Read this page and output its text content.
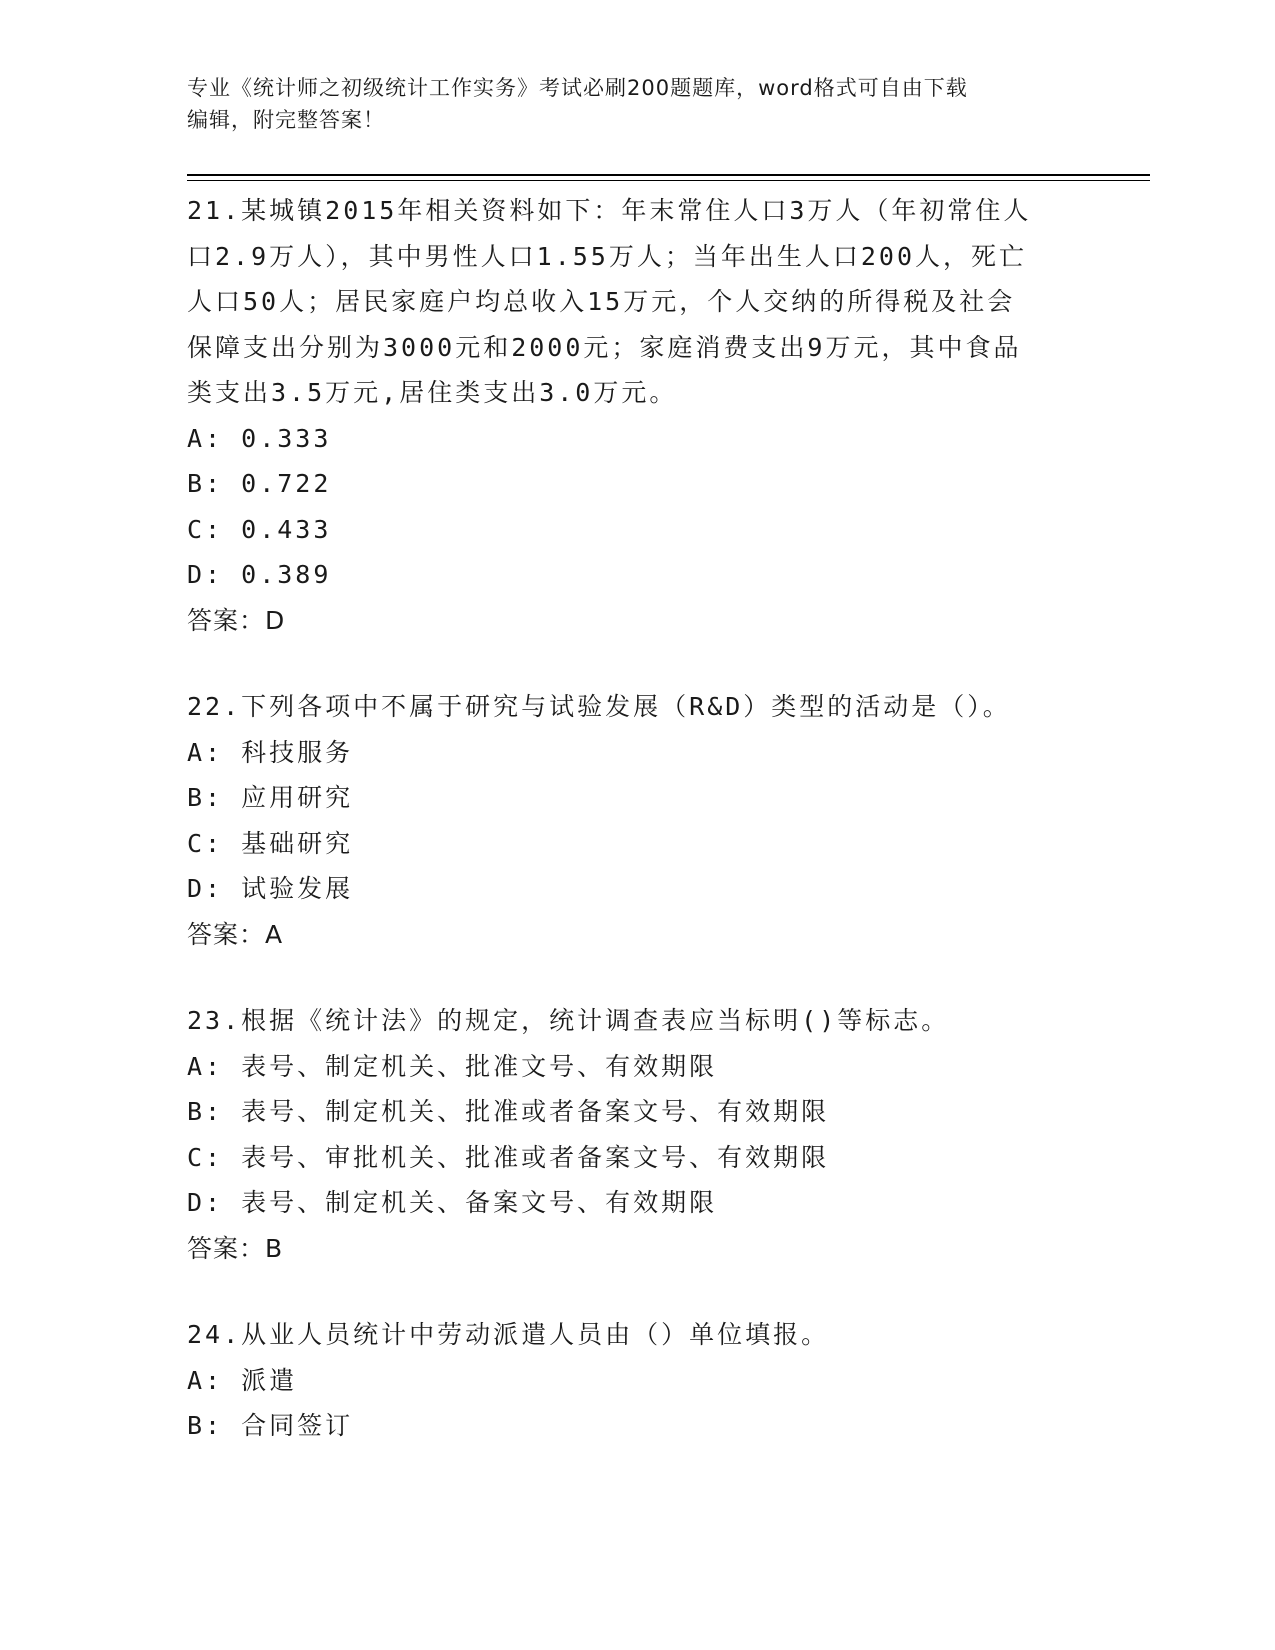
专业《统计师之初级统计工作实务》考试必刷200题题库，word格式可自由下载
编辑，附完整答案！

21.某城镇2015年相关资料如下：年末常住人口3万人（年初常住人

口2.9万人），其中男性人口1.55万人；当年出生人口200人，死亡

人口50人；居民家庭户均总收入15万元，个人交纳的所得税及社会

保障支出分别为3000元和2000元；家庭消费支出9万元，其中食品

类支出3.5万元,居住类支出3.0万元。

A: 0.333

B: 0.722

C: 0.433

D: 0.389

答案：D

22.下列各项中不属于研究与试验发展（R&D）类型的活动是（）。

A: 科技服务

B: 应用研究

C: 基础研究

D: 试验发展

答案：A

23.根据《统计法》的规定，统计调查表应当标明()等标志。

A: 表号、制定机关、批准文号、有效期限

B: 表号、制定机关、批准或者备案文号、有效期限

C: 表号、审批机关、批准或者备案文号、有效期限

D: 表号、制定机关、备案文号、有效期限

答案：B

24.从业人员统计中劳动派遣人员由（）单位填报。

A: 派遣

B: 合同签订
